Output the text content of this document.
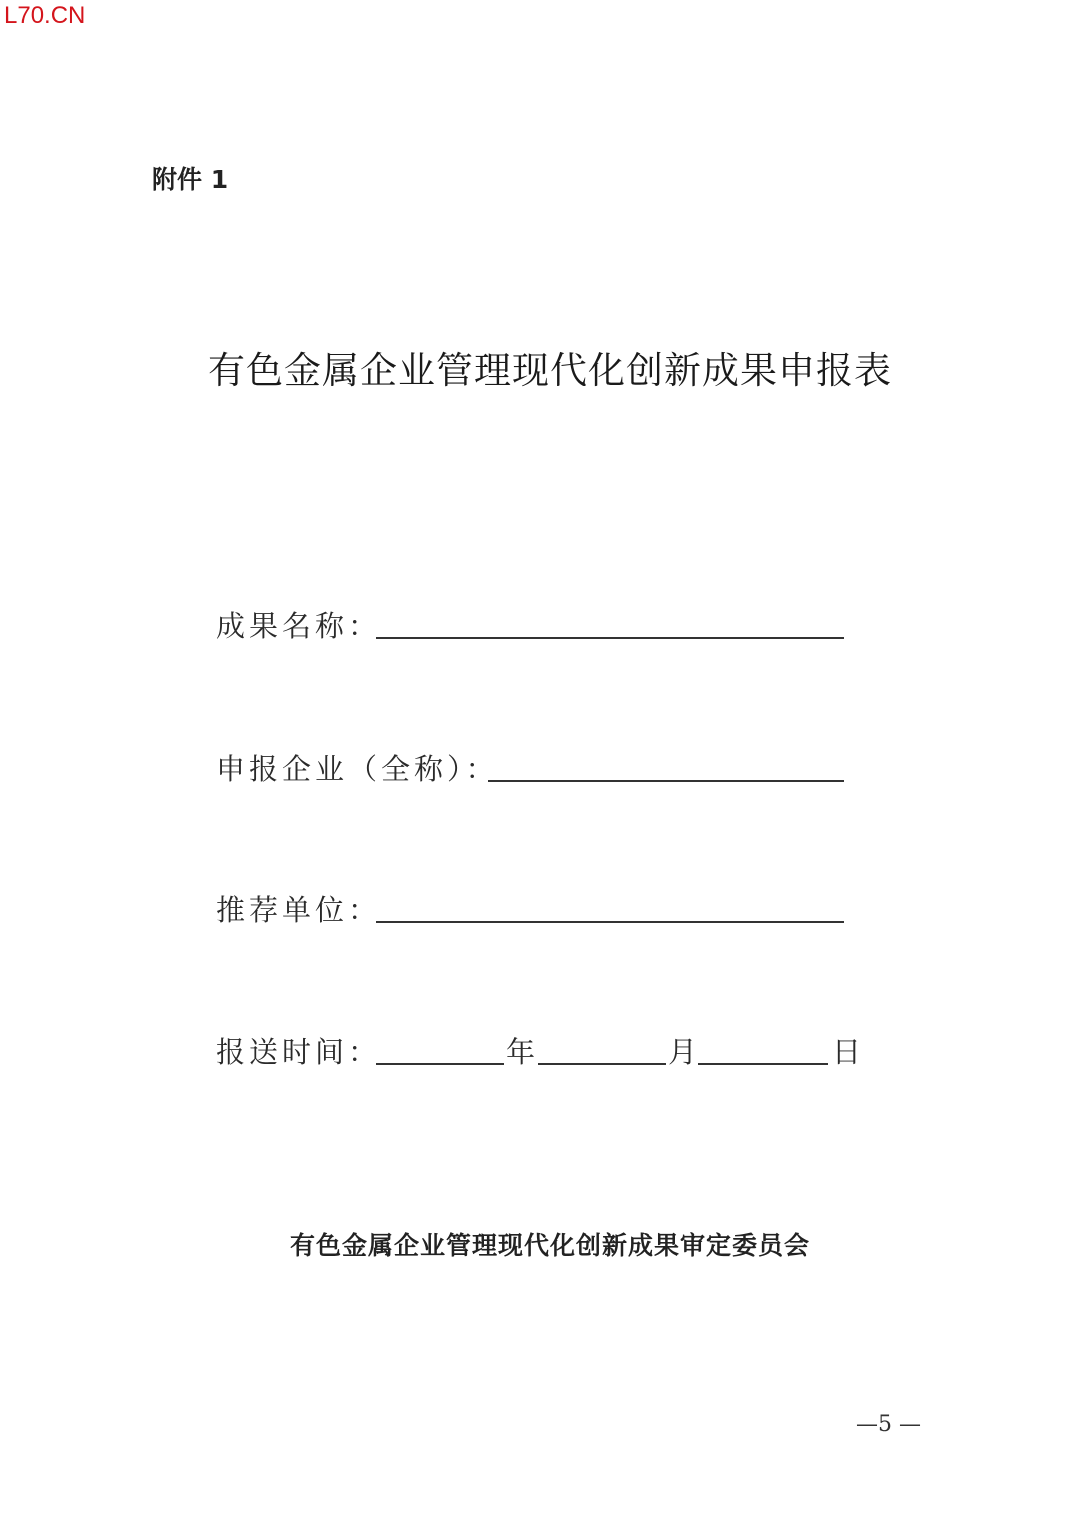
L70.CN
附件 1
有色金属企业管理现代化创新成果申报表
成果名称：
申报企业（全称）：
推荐单位：
报送时间：	年	月	日
有色金属企业管理现代化创新成果审定委员会
—5 —
